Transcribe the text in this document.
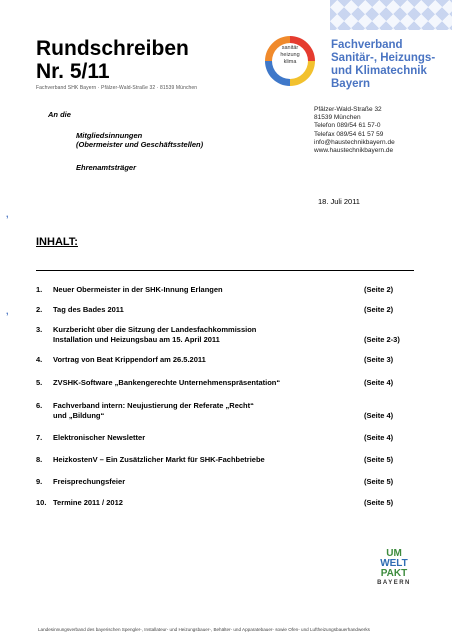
Rundschreiben
Nr. 5/11
Fachverband SHK Bayern · Pfälzer-Wald-Straße 32 · 81539 München
sanitär
heizung
klima
Fachverband
Sanitär-, Heizungs-
und Klimatechnik
Bayern
Pfälzer-Wald-Straße 32
81539 München
Telefon 089/54 61 57-0
Telefax 089/54 61 57 59
info@haustechnikbayern.de
www.haustechnikbayern.de
An die
Mitgliedsinnungen
(Obermeister und Geschäftsstellen)
Ehrenamtsträger
18. Juli 2011
,
,
INHALT:
1. Neuer Obermeister in der SHK-Innung Erlangen	(Seite 2)
2. Tag des Bades 2011	(Seite 2)
3. Kurzbericht über die Sitzung der Landesfachkommission
Installation und Heizungsbau am 15. April 2011	(Seite 2-3)
4. Vortrag von Beat Krippendorf am 26.5.2011	(Seite 3)
5. ZVSHK-Software „Bankengerechte Unternehmenspräsentation“	(Seite 4)
6. Fachverband intern: Neujustierung der Referate „Recht“
und „Bildung“	(Seite 4)
7. Elektronischer Newsletter	(Seite 4)
8. HeizkostenV – Ein Zusätzlicher Markt für SHK-Fachbetriebe	(Seite 5)
9. Freisprechungsfeier	(Seite 5)
10. Termine 2011 / 2012	(Seite 5)
UM
WELT
PAKT
BAYERN
Landesinnungsverband des bayerischen Spengler-, Installateur- und Heizungsbauer-, Behälter- und Apparatebauer- sowie Ofen- und Luftheizungsbauerhandwerks
